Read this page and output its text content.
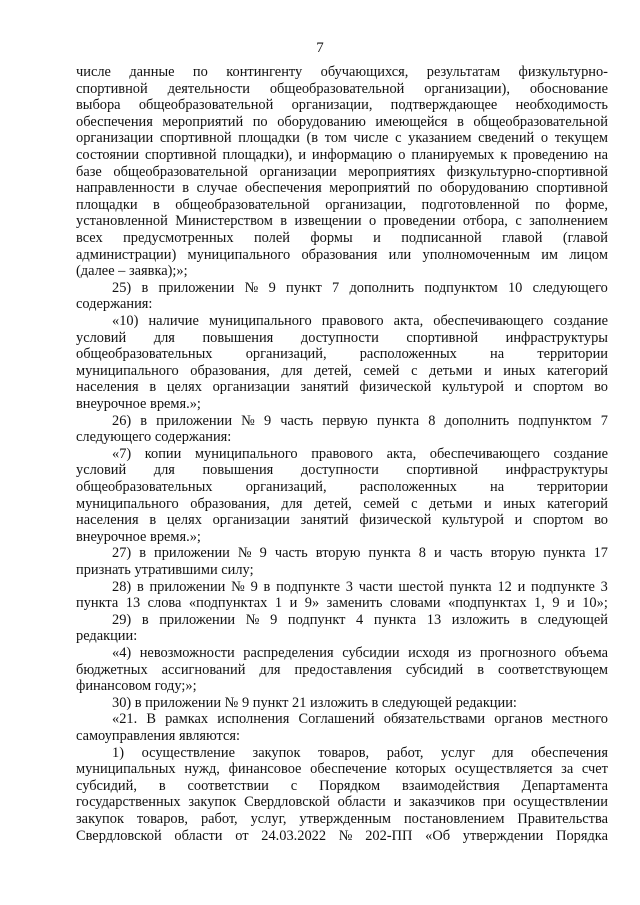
7
числе данные по контингенту обучающихся, результатам физкультурно-
спортивной деятельности общеобразовательной организации), обоснование
выбора общеобразовательной организации, подтверждающее необходимость
обеспечения мероприятий по оборудованию имеющейся в общеобразовательной
организации спортивной площадки (в том числе с указанием сведений о текущем
состоянии спортивной площадки), и информацию о планируемых к проведению на
базе общеобразовательной организации мероприятиях физкультурно-спортивной
направленности в случае обеспечения мероприятий по оборудованию спортивной
площадки в общеобразовательной организации, подготовленной по форме,
установленной Министерством в извещении о проведении отбора, с заполнением
всех предусмотренных полей формы и подписанной главой (главой
администрации) муниципального образования или уполномоченным им лицом
(далее – заявка);»;
25) в приложении № 9 пункт 7 дополнить подпунктом 10 следующего
содержания:
«10) наличие муниципального правового акта, обеспечивающего создание
условий для повышения доступности спортивной инфраструктуры
общеобразовательных организаций, расположенных на территории
муниципального образования, для детей, семей с детьми и иных категорий
населения в целях организации занятий физической культурой и спортом во
внеурочное время.»;
26) в приложении № 9 часть первую пункта 8 дополнить подпунктом 7
следующего содержания:
«7) копии муниципального правового акта, обеспечивающего создание
условий для повышения доступности спортивной инфраструктуры
общеобразовательных организаций, расположенных на территории
муниципального образования, для детей, семей с детьми и иных категорий
населения в целях организации занятий физической культурой и спортом во
внеурочное время.»;
27) в приложении № 9 часть вторую пункта 8 и часть вторую пункта 17
признать утратившими силу;
28) в приложении № 9 в подпункте 3 части шестой пункта 12 и подпункте 3
пункта 13 слова «подпунктах 1 и 9» заменить словами «подпунктах 1, 9 и 10»;
29) в приложении № 9 подпункт 4 пункта 13 изложить в следующей
редакции:
«4) невозможности распределения субсидии исходя из прогнозного объема
бюджетных ассигнований для предоставления субсидий в соответствующем
финансовом году;»;
30) в приложении № 9 пункт 21 изложить в следующей редакции:
«21. В рамках исполнения Соглашений обязательствами органов местного
самоуправления являются:
1) осуществление закупок товаров, работ, услуг для обеспечения
муниципальных нужд, финансовое обеспечение которых осуществляется за счет
субсидий, в соответствии с Порядком взаимодействия Департамента
государственных закупок Свердловской области и заказчиков при осуществлении
закупок товаров, работ, услуг, утвержденным постановлением Правительства
Свердловской области от 24.03.2022 № 202-ПП «Об утверждении Порядка
